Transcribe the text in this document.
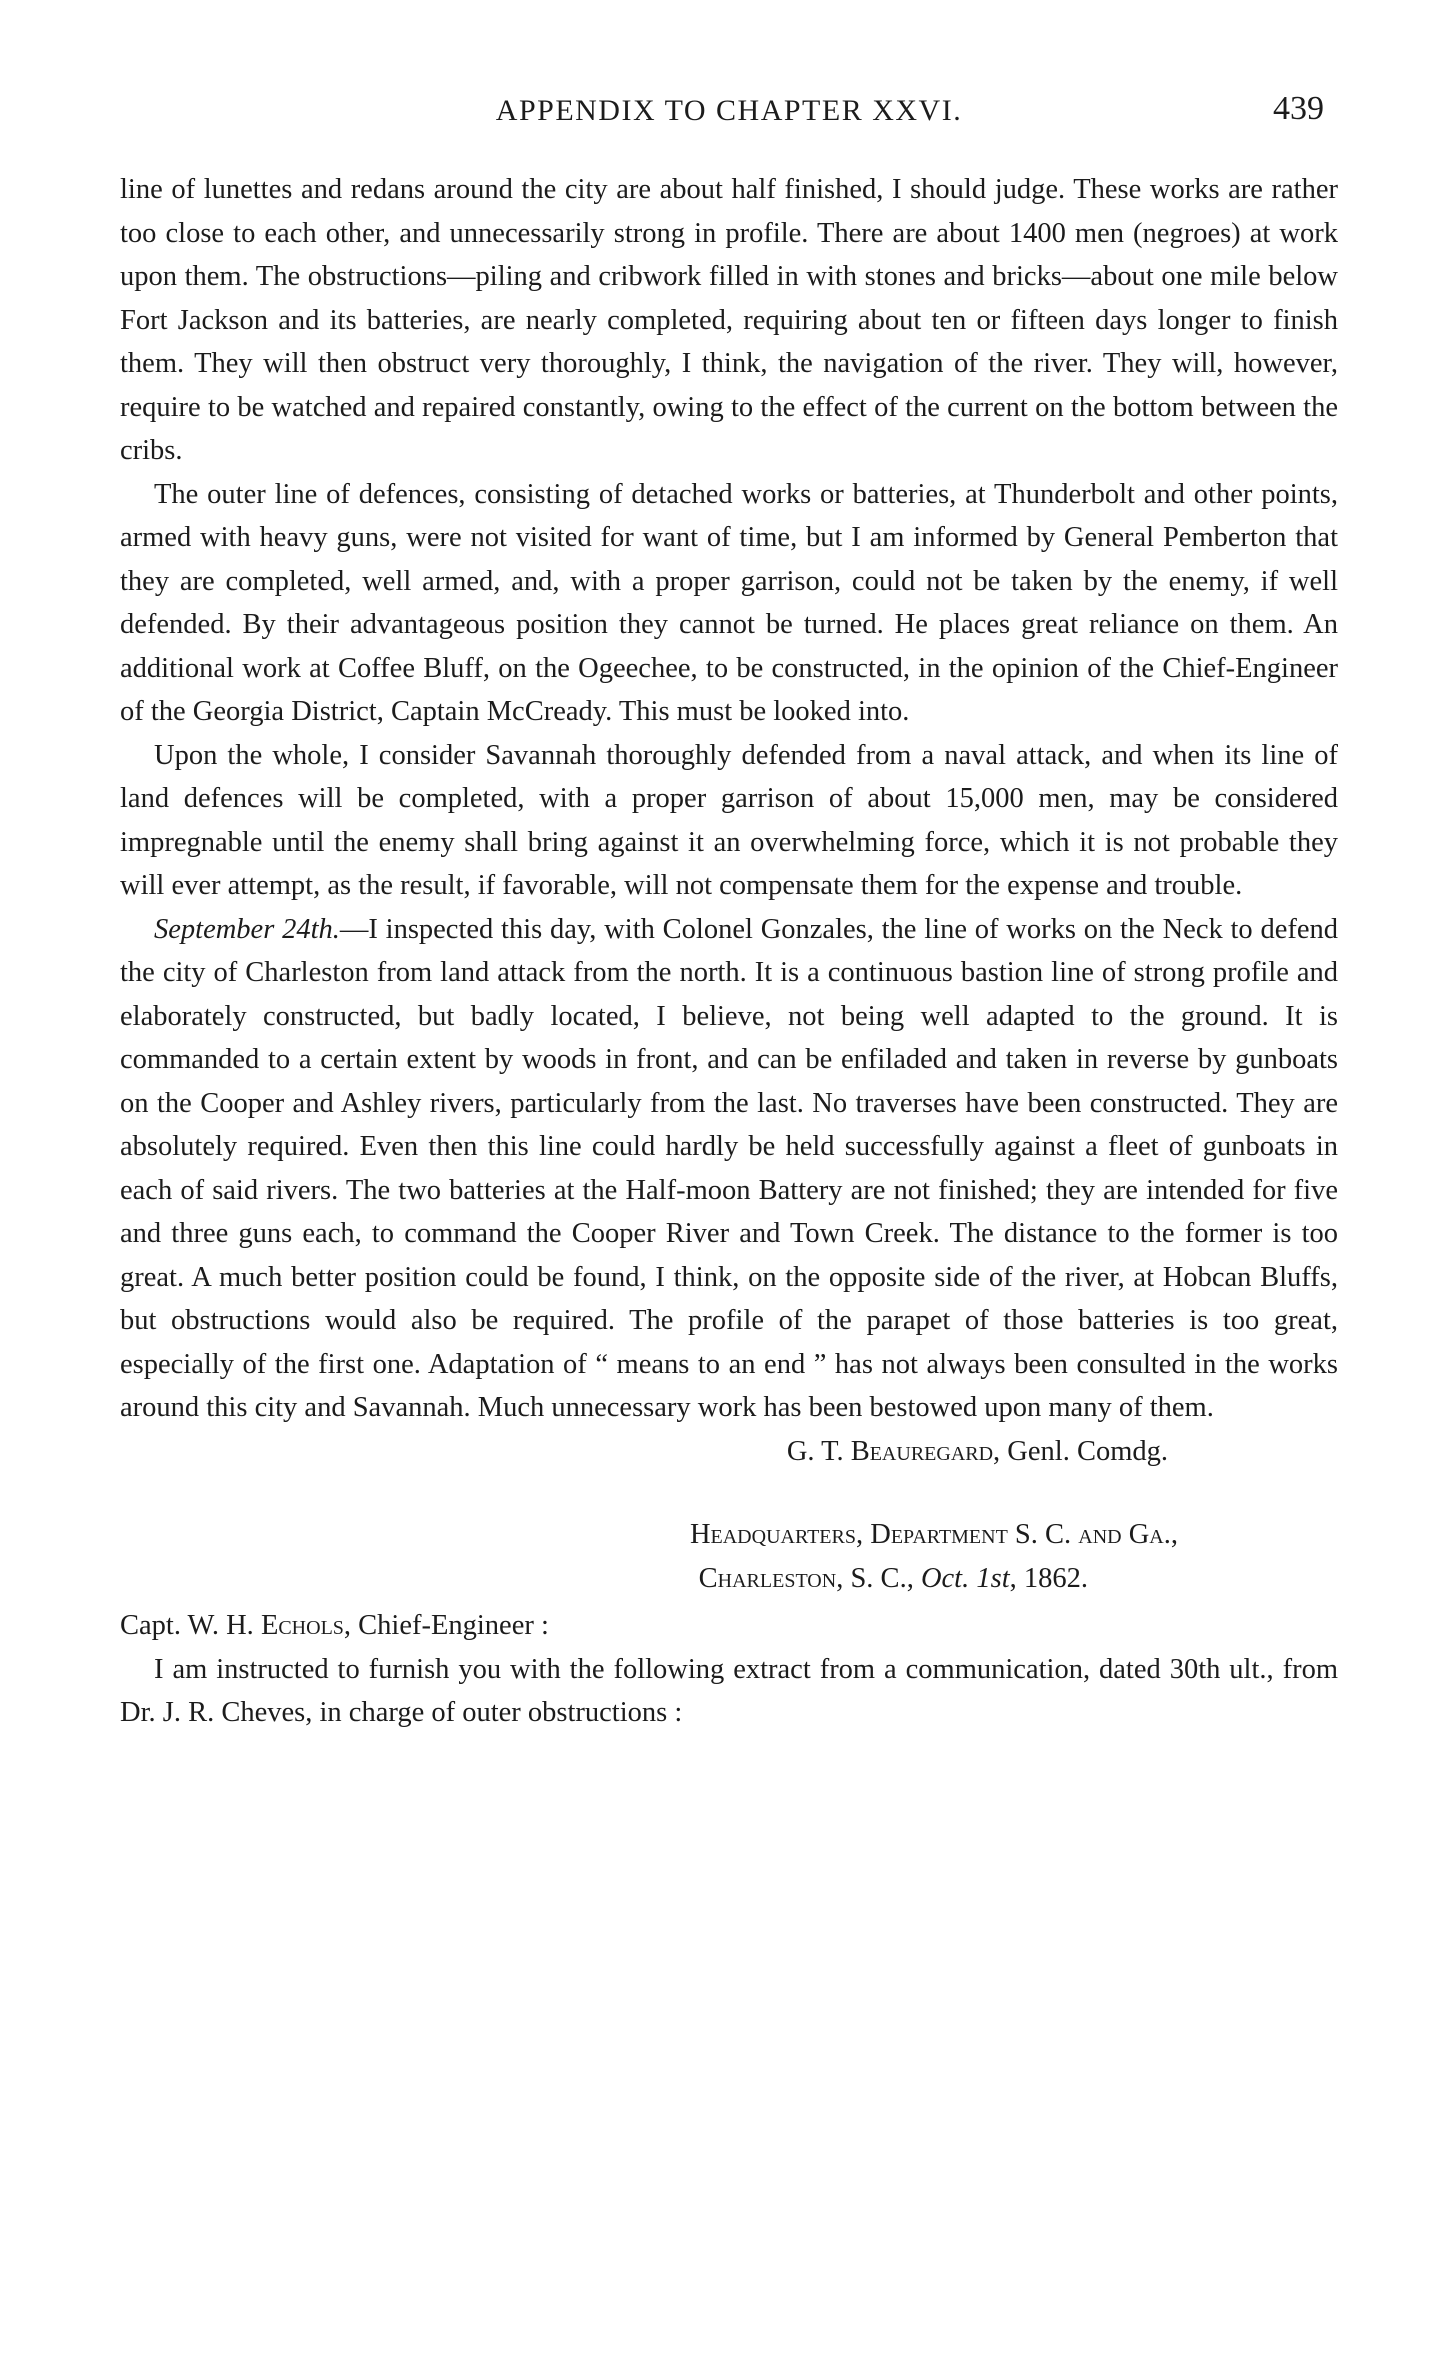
APPENDIX TO CHAPTER XXVI.	439

line of lunettes and redans around the city are about half finished, I should judge. These works are rather too close to each other, and unnecessarily strong in profile. There are about 1400 men (negroes) at work upon them. The obstructions—piling and cribwork filled in with stones and bricks—about one mile below Fort Jackson and its batteries, are nearly completed, requiring about ten or fifteen days longer to finish them. They will then obstruct very thoroughly, I think, the navigation of the river. They will, however, require to be watched and repaired constantly, owing to the effect of the current on the bottom between the cribs.

The outer line of defences, consisting of detached works or batteries, at Thunderbolt and other points, armed with heavy guns, were not visited for want of time, but I am informed by General Pemberton that they are completed, well armed, and, with a proper garrison, could not be taken by the enemy, if well defended. By their advantageous position they cannot be turned. He places great reliance on them. An additional work at Coffee Bluff, on the Ogeechee, to be constructed, in the opinion of the Chief-Engineer of the Georgia District, Captain McCready. This must be looked into.

Upon the whole, I consider Savannah thoroughly defended from a naval attack, and when its line of land defences will be completed, with a proper garrison of about 15,000 men, may be considered impregnable until the enemy shall bring against it an overwhelming force, which it is not probable they will ever attempt, as the result, if favorable, will not compensate them for the expense and trouble.

September 24th.—I inspected this day, with Colonel Gonzales, the line of works on the Neck to defend the city of Charleston from land attack from the north. It is a continuous bastion line of strong profile and elaborately constructed, but badly located, I believe, not being well adapted to the ground. It is commanded to a certain extent by woods in front, and can be enfiladed and taken in reverse by gunboats on the Cooper and Ashley rivers, particularly from the last. No traverses have been constructed. They are absolutely required. Even then this line could hardly be held successfully against a fleet of gunboats in each of said rivers. The two batteries at the Half-moon Battery are not finished; they are intended for five and three guns each, to command the Cooper River and Town Creek. The distance to the former is too great. A much better position could be found, I think, on the opposite side of the river, at Hobcan Bluffs, but obstructions would also be required. The profile of the parapet of those batteries is too great, especially of the first one. Adaptation of “ means to an end ” has not always been consulted in the works around this city and Savannah. Much unnecessary work has been bestowed upon many of them.

G. T. Beauregard, Genl. Comdg.

Headquarters, Department S. C. and Ga.,

Charleston, S. C., Oct. 1st, 1862.

Capt. W. H. Echols, Chief-Engineer :

I am instructed to furnish you with the following extract from a communication, dated 30th ult., from Dr. J. R. Cheves, in charge of outer obstructions :
